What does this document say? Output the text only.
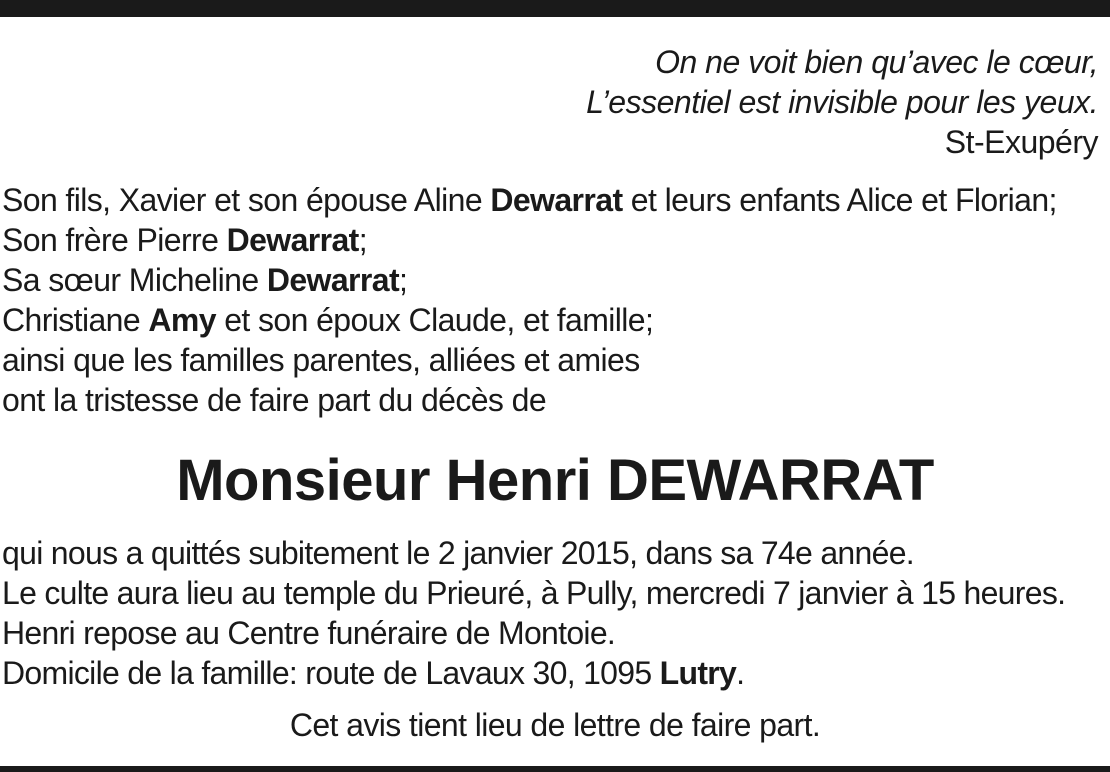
On ne voit bien qu’avec le cœur,
L’essentiel est invisible pour les yeux.
St-Exupéry
Son fils, Xavier et son épouse Aline Dewarrat et leurs enfants Alice et Florian;
Son frère Pierre Dewarrat;
Sa sœur Micheline Dewarrat;
Christiane Amy et son époux Claude, et famille;
ainsi que les familles parentes, alliées et amies
ont la tristesse de faire part du décès de
Monsieur Henri DEWARRAT
qui nous a quittés subitement le 2 janvier 2015, dans sa 74e année.
Le culte aura lieu au temple du Prieuré, à Pully, mercredi 7 janvier à 15 heures.
Henri repose au Centre funéraire de Montoie.
Domicile de la famille: route de Lavaux 30, 1095 Lutry.
Cet avis tient lieu de lettre de faire part.
